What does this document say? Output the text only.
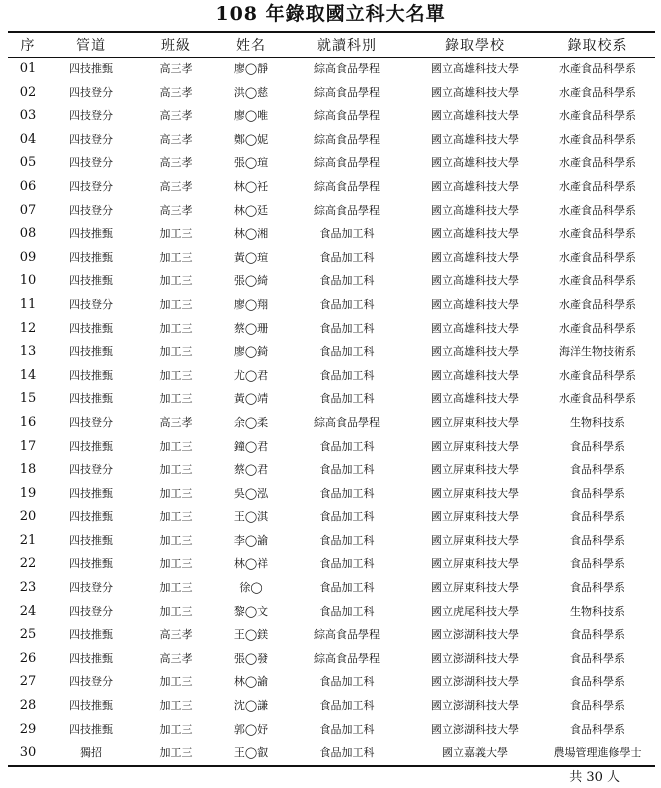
108 年錄取國立科大名單
序	管道	班級	姓名	就讀科別	錄取學校	錄取校系
01	四技推甄	高三孝	廖◯靜	綜高食品學程	國立高雄科技大學	水產食品科學系
02	四技登分	高三孝	洪◯慈	綜高食品學程	國立高雄科技大學	水產食品科學系
03	四技登分	高三孝	廖◯唯	綜高食品學程	國立高雄科技大學	水產食品科學系
04	四技登分	高三孝	鄭◯妮	綜高食品學程	國立高雄科技大學	水產食品科學系
05	四技登分	高三孝	張◯瑄	綜高食品學程	國立高雄科技大學	水產食品科學系
06	四技登分	高三孝	林◯衽	綜高食品學程	國立高雄科技大學	水產食品科學系
07	四技登分	高三孝	林◯廷	綜高食品學程	國立高雄科技大學	水產食品科學系
08	四技推甄	加工三	林◯湘	食品加工科	國立高雄科技大學	水產食品科學系
09	四技推甄	加工三	黃◯瑄	食品加工科	國立高雄科技大學	水產食品科學系
10	四技推甄	加工三	張◯綺	食品加工科	國立高雄科技大學	水產食品科學系
11	四技登分	加工三	廖◯翔	食品加工科	國立高雄科技大學	水產食品科學系
12	四技推甄	加工三	蔡◯珊	食品加工科	國立高雄科技大學	水產食品科學系
13	四技推甄	加工三	廖◯錡	食品加工科	國立高雄科技大學	海洋生物技術系
14	四技推甄	加工三	尤◯君	食品加工科	國立高雄科技大學	水產食品科學系
15	四技推甄	加工三	黃◯靖	食品加工科	國立高雄科技大學	水產食品科學系
16	四技登分	高三孝	余◯柔	綜高食品學程	國立屏東科技大學	生物科技系
17	四技推甄	加工三	鐘◯君	食品加工科	國立屏東科技大學	食品科學系
18	四技登分	加工三	蔡◯君	食品加工科	國立屏東科技大學	食品科學系
19	四技推甄	加工三	吳◯泓	食品加工科	國立屏東科技大學	食品科學系
20	四技推甄	加工三	王◯淇	食品加工科	國立屏東科技大學	食品科學系
21	四技推甄	加工三	李◯諭	食品加工科	國立屏東科技大學	食品科學系
22	四技推甄	加工三	林◯祥	食品加工科	國立屏東科技大學	食品科學系
23	四技登分	加工三	徐◯	食品加工科	國立屏東科技大學	食品科學系
24	四技登分	加工三	黎◯文	食品加工科	國立虎尾科技大學	生物科技系
25	四技推甄	高三孝	王◯鎂	綜高食品學程	國立澎湖科技大學	食品科學系
26	四技推甄	高三孝	張◯發	綜高食品學程	國立澎湖科技大學	食品科學系
27	四技登分	加工三	林◯諭	食品加工科	國立澎湖科技大學	食品科學系
28	四技推甄	加工三	沈◯謙	食品加工科	國立澎湖科技大學	食品科學系
29	四技推甄	加工三	郭◯妤	食品加工科	國立澎湖科技大學	食品科學系
30	獨招	加工三	王◯叡	食品加工科	國立嘉義大學	農場管理進修學士
共 30 人
